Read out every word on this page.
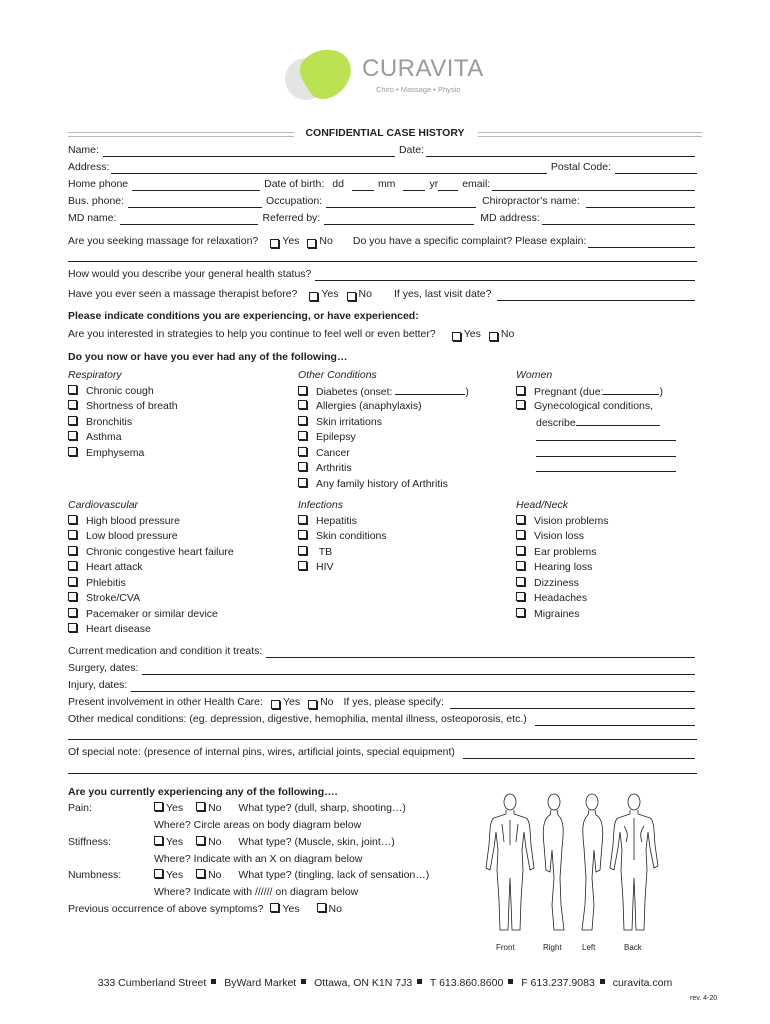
CURAVITA
Chiro • Massage • Physio
CONFIDENTIAL CASE HISTORY
Name:	Date:
Address:	Postal Code:
Home phone	Date of birth: dd	mm	yr email:
Bus. phone:	Occupation:	Chiropractor’s name:
MD name:	Referred by:	MD address:
Are you seeking massage for relaxation? Yes No Do you have a specific complaint? Please explain:
How would you describe your general health status?
Have you ever seen a massage therapist before? Yes No If yes, last visit date?
Please indicate conditions you are experiencing, or have experienced:
Are you interested in strategies to help you continue to feel well or even better?	Yes No
Do you now or have you ever had any of the following…
Respiratory
Chronic cough
Shortness of breath
Bronchitis
Asthma
Emphysema
Other Conditions
Diabetes (onset:	)
Allergies (anaphylaxis)
Skin irritations
Epilepsy
Cancer
Arthritis
Any family history of Arthritis
Women
Pregnant (due:	)
Gynecological conditions,
describe
Cardiovascular
High blood pressure
Low blood pressure
Chronic congestive heart failure
Heart attack
Phlebitis
Stroke/CVA
Pacemaker or similar device
Heart disease
Infections
Hepatitis
Skin conditions
TB
HIV
Head/Neck
Vision problems
Vision loss
Ear problems
Hearing loss
Dizziness
Headaches
Migraines
Current medication and condition it treats:
Surgery, dates:
Injury, dates:
Present involvement in other Health Care: Yes No If yes, please specify:
Other medical conditions: (eg. depression, digestive, hemophilia, mental illness, osteoporosis, etc.)
Of special note: (presence of internal pins, wires, artificial joints, special equipment)
Are you currently experiencing any of the following….
Pain:	Yes No What type? (dull, sharp, shooting…)
Where? Circle areas on body diagram below
Stiffness:	Yes No What type? (Muscle, skin, joint…)
Where? Indicate with an X on diagram below
Numbness:	Yes No What type? (tingling, lack of sensation…)
Where? Indicate with ////// on diagram below
Previous occurrence of above symptoms? Yes	No
Front	Right	Left	Back
333 Cumberland Street ByWard Market Ottawa, ON K1N 7J3 T 613.860.8600 F 613.237.9083 curavita.com
rev. 4-20
